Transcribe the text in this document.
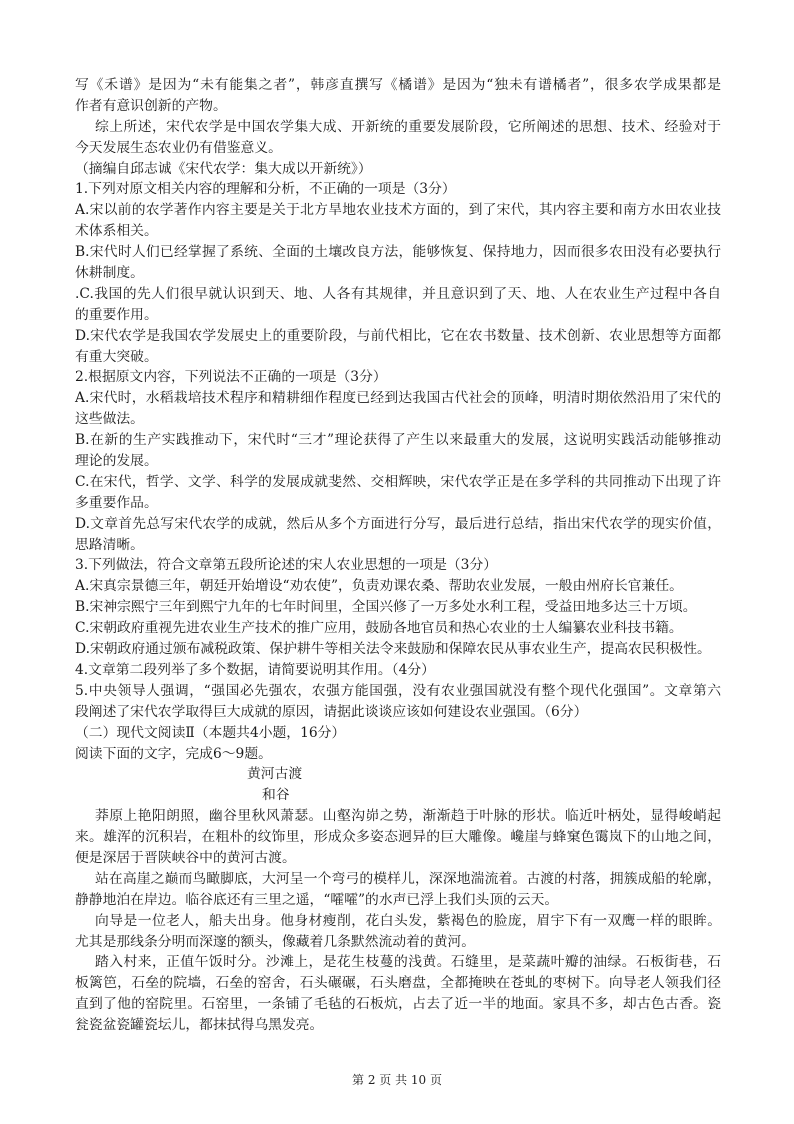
写《禾谱》是因为“未有能集之者”，韩彦直撰写《橘谱》是因为“独未有谱橘者”，很多农学成果都是
作者有意识创新的产物。
综上所述，宋代农学是中国农学集大成、开新统的重要发展阶段，它所阐述的思想、技术、经验对于
今天发展生态农业仍有借鉴意义。
（摘编自邱志诚《宋代农学：集大成以开新统》）
1.下列对原文相关内容的理解和分析，不正确的一项是（3分）
A.宋以前的农学著作内容主要是关于北方旱地农业技术方面的，到了宋代，其内容主要和南方水田农业技
术体系相关。
B.宋代时人们已经掌握了系统、全面的土壤改良方法，能够恢复、保持地力，因而很多农田没有必要执行
休耕制度。
.C.我国的先人们很早就认识到天、地、人各有其规律，并且意识到了天、地、人在农业生产过程中各自
的重要作用。
D.宋代农学是我国农学发展史上的重要阶段，与前代相比，它在农书数量、技术创新、农业思想等方面都
有重大突破。
2.根据原文内容，下列说法不正确的一项是（3分）
A.宋代时，水稻栽培技术程序和精耕细作程度已经到达我国古代社会的顶峰，明清时期依然沿用了宋代的
这些做法。
B.在新的生产实践推动下，宋代时“三才”理论获得了产生以来最重大的发展，这说明实践活动能够推动
理论的发展。
C.在宋代，哲学、文学、科学的发展成就斐然、交相辉映，宋代农学正是在多学科的共同推动下出现了许
多重要作品。
D.文章首先总写宋代农学的成就，然后从多个方面进行分写，最后进行总结，指出宋代农学的现实价值，
思路清晰。
3.下列做法，符合文章第五段所论述的宋人农业思想的一项是（3分）
A.宋真宗景德三年，朝廷开始增设“劝农使”，负责劝课农桑、帮助农业发展，一般由州府长官兼任。
B.宋神宗熙宁三年到熙宁九年的七年时间里，全国兴修了一万多处水利工程，受益田地多达三十万顷。
C.宋朝政府重视先进农业生产技术的推广应用，鼓励各地官员和热心农业的士人编纂农业科技书籍。
D.宋朝政府通过颁布减税政策、保护耕牛等相关法令来鼓励和保障农民从事农业生产，提高农民积极性。
4.文章第二段列举了多个数据，请简要说明其作用。（4分）
5.中央领导人强调，“强国必先强农，农强方能国强，没有农业强国就没有整个现代化强国”。文章第六
段阐述了宋代农学取得巨大成就的原因，请据此谈谈应该如何建设农业强国。（6分）
（二）现代文阅读Ⅱ（本题共4小题，16分）
阅读下面的文字，完成6～9题。
黄河古渡
和谷
莽原上艳阳朗照，幽谷里秋风萧瑟。山壑沟峁之势，渐渐趋于叶脉的形状。临近叶柄处，显得峻峭起
来。雄浑的沉积岩，在粗朴的纹饰里，形成众多姿态迥异的巨大雕像。巉崖与蜂窠色霭岚下的山地之间，
便是深居于晋陕峡谷中的黄河古渡。
站在高崖之巅而鸟瞰脚底，大河呈一个弯弓的模样儿，深深地湍流着。古渡的村落，拥簇成船的轮廓，
静静地泊在岸边。临谷底还有三里之遥，“嚯嚯”的水声已浮上我们头顶的云天。
向导是一位老人，船夫出身。他身材瘦削，花白头发，紫褐色的脸庞，眉宇下有一双鹰一样的眼眸。
尤其是那线条分明而深邃的额头，像藏着几条默然流动着的黄河。
踏入村来，正值午饭时分。沙滩上，是花生枝蔓的浅黄。石缝里，是菜蔬叶瓣的油绿。石板街巷，石
板篱笆，石垒的院墙，石垒的窑舍，石头碾碾，石头磨盘，全都掩映在苍虬的枣树下。向导老人领我们径
直到了他的窑院里。石窑里，一条铺了毛毡的石板炕，占去了近一半的地面。家具不多，却古色古香。瓷
瓮瓷盆瓷罐瓷坛儿，都抹拭得乌黑发亮。
第 2 页 共 10 页
